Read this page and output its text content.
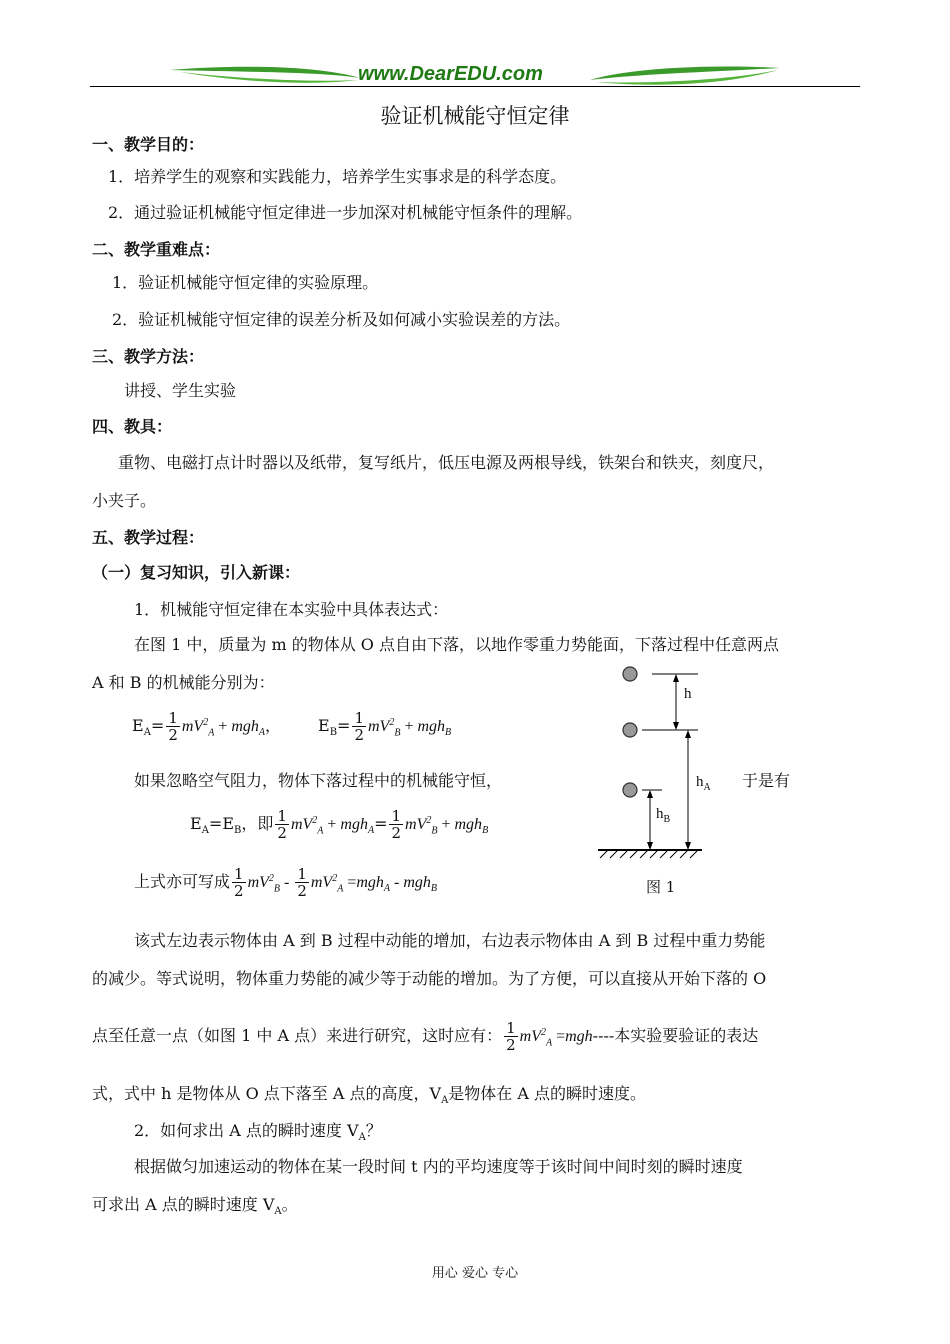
www.DearEDU.com
验证机械能守恒定律
一、教学目的：
1．培养学生的观察和实践能力，培养学生实事求是的科学态度。
2．通过验证机械能守恒定律进一步加深对机械能守恒条件的理解。
二、教学重难点：
1．验证机械能守恒定律的实验原理。
2．验证机械能守恒定律的误差分析及如何减小实验误差的方法。
三、教学方法：
讲授、学生实验
四、教具：
重物、电磁打点计时器以及纸带，复写纸片，低压电源及两根导线，铁架台和铁夹，刻度尺，
小夹子。
五、教学过程：
（一）复习知识，引入新课：
1．机械能守恒定律在本实验中具体表达式：
在图 1 中，质量为 m 的物体从 O 点自由下落，以地作零重力势能面，下落过程中任意两点
A 和 B 的机械能分别为：
$E_A= \frac{1}{2} mV^2_A + mgh_A$， $E_B= \frac{1}{2} mV^2_B + mgh_B$
如果忽略空气阻力，物体下落过程中的机械能守恒，	于是有
$E_A=E_B$，即 $\frac{1}{2} mV^2_A + mgh_A= \frac{1}{2} mV^2_B + mgh_B$
上式亦可写成 $\frac{1}{2} mV^2_B - \frac{1}{2} mV^2_A =mgh_A - mgh_B$
h
$h_A$
$h_B$
图 1
该式左边表示物体由 A 到 B 过程中动能的增加，右边表示物体由 A 到 B 过程中重力势能
的减少。等式说明，物体重力势能的减少等于动能的增加。为了方便，可以直接从开始下落的 O
点至任意一点（如图 1 中 A 点）来进行研究，这时应有： $\frac{1}{2} mV^2_A =mgh----$本实验要验证的表达
式，式中 h 是物体从 O 点下落至 A 点的高度，$V_A$是物体在 A 点的瞬时速度。
2．如何求出 A 点的瞬时速度 $V_A$？
根据做匀加速运动的物体在某一段时间 t 内的平均速度等于该时间中间时刻的瞬时速度
可求出 A 点的瞬时速度 $V_A$。
用心 爱心 专心
